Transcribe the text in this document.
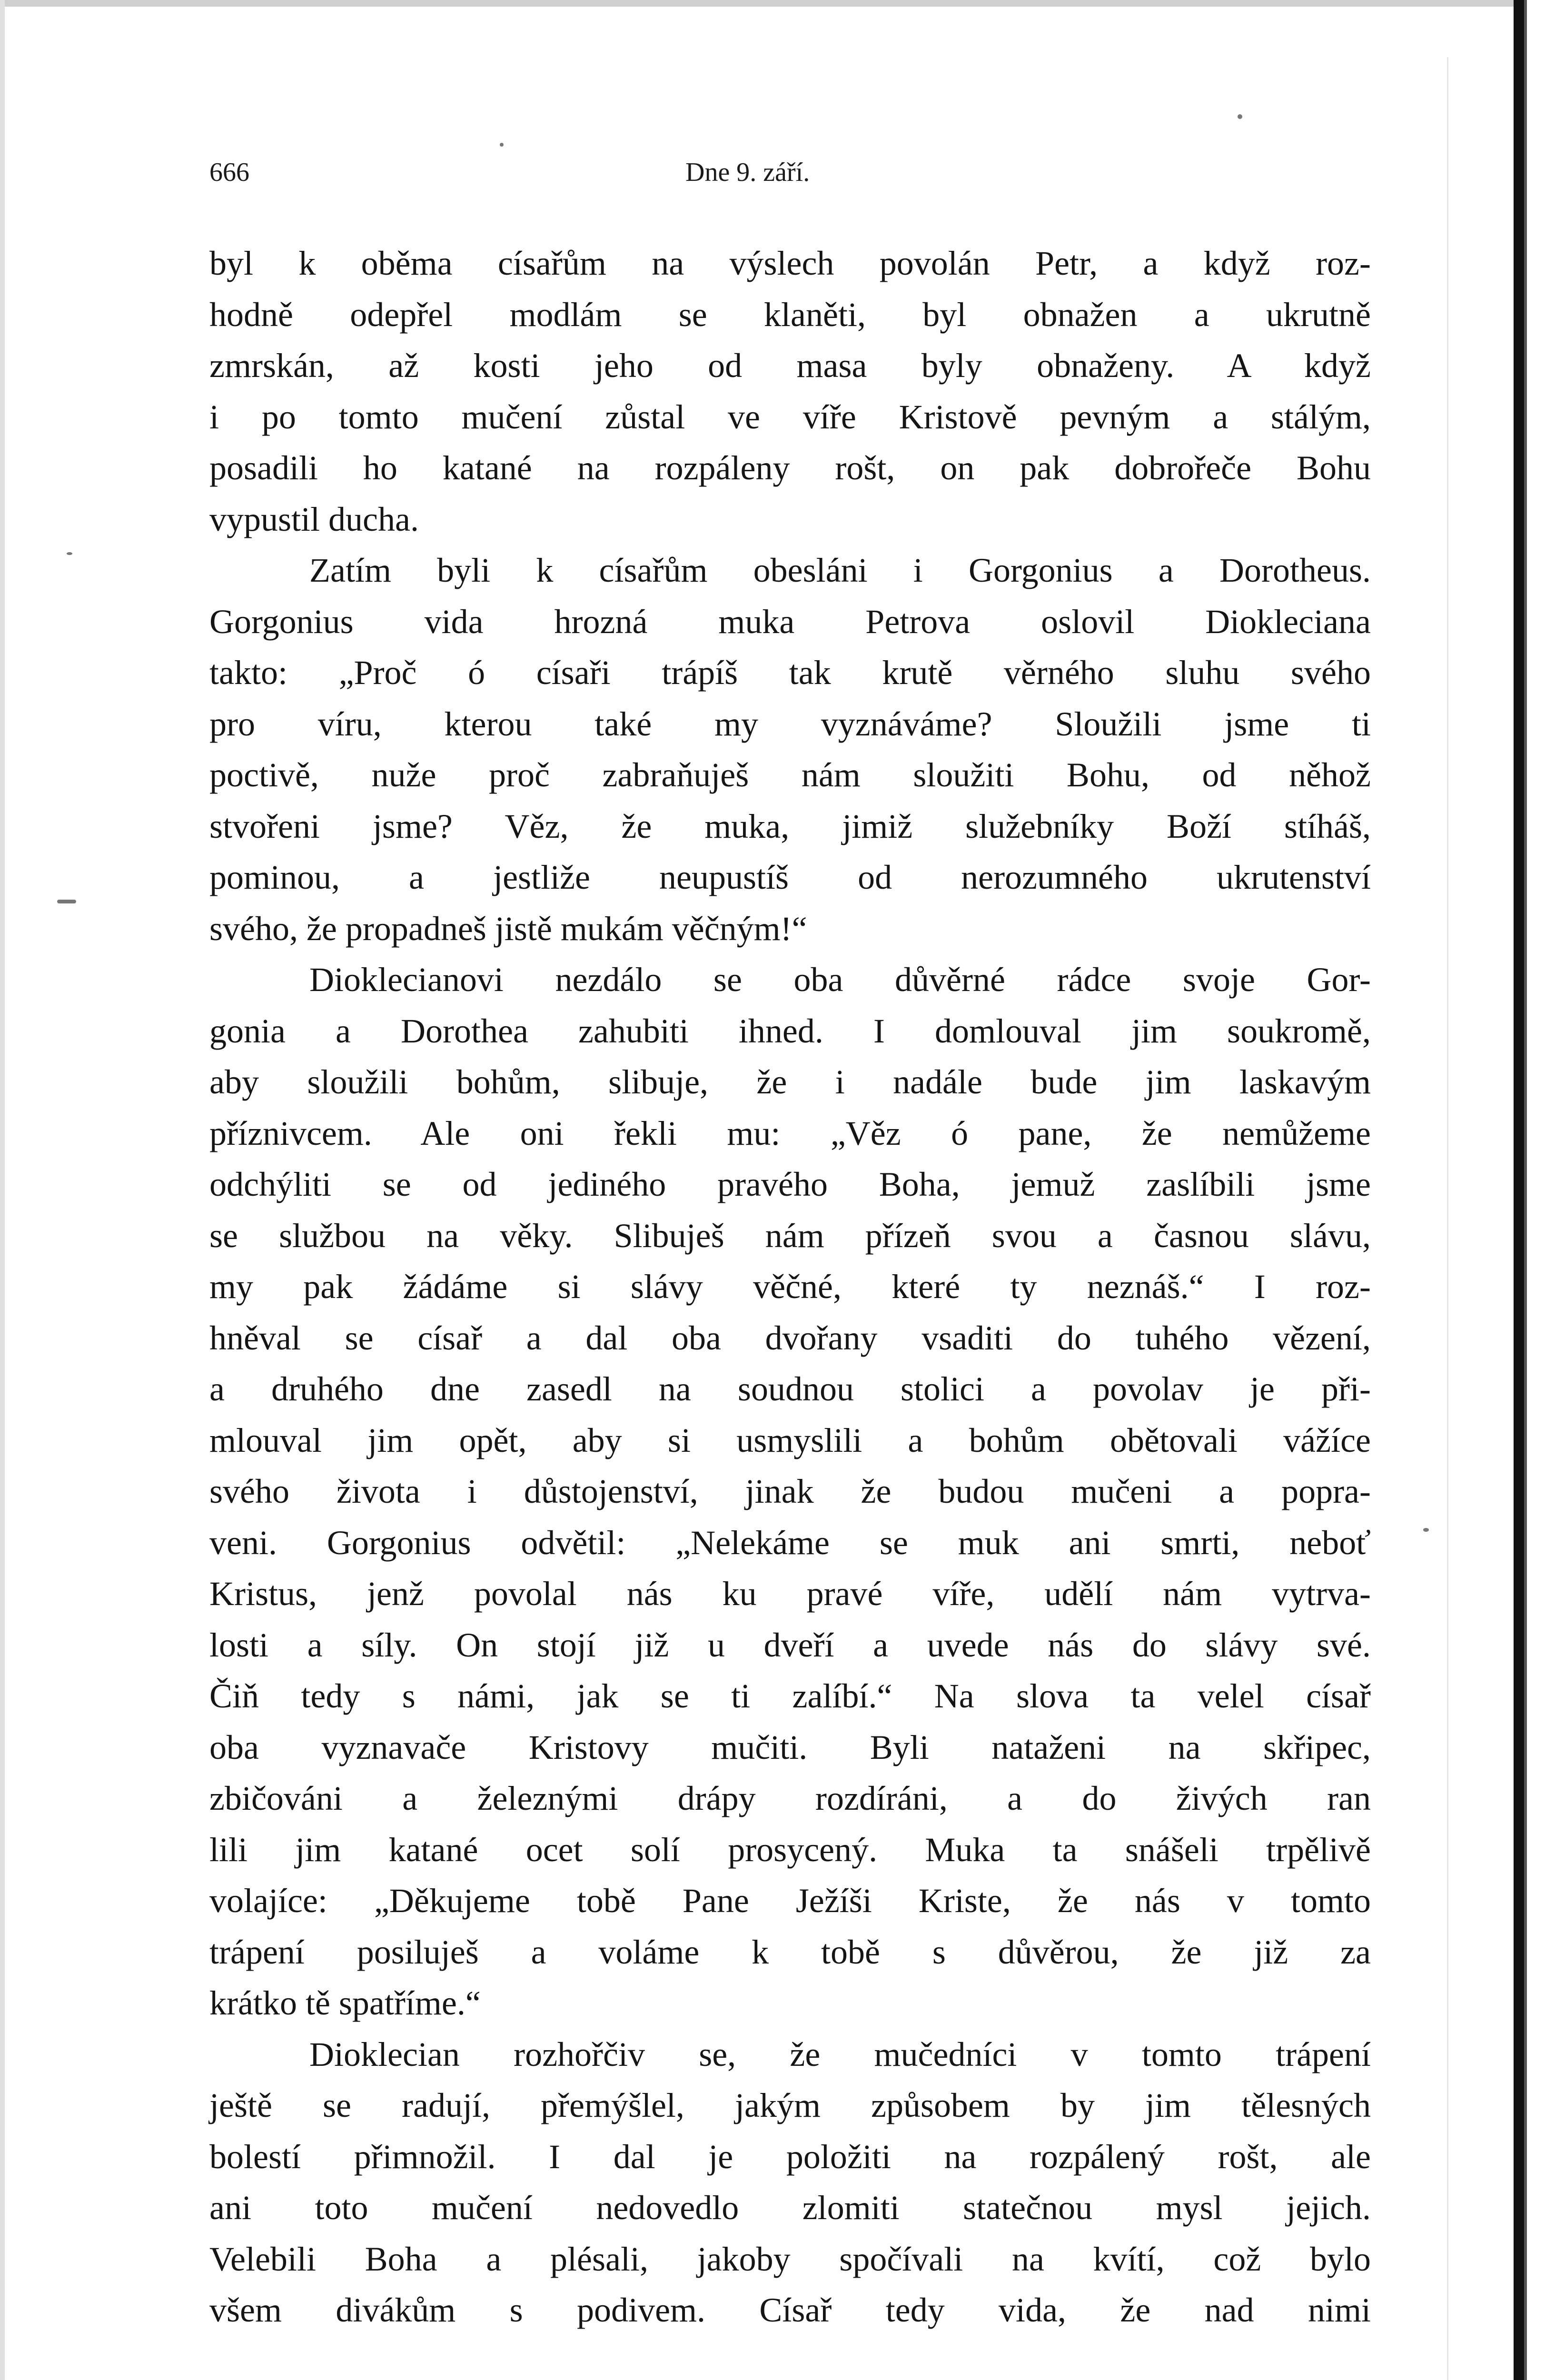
666	Dne 9. září.
byl k oběma císařům na výslech povolán Petr, a když roz-
hodně odepřel modlám se klaněti, byl obnažen a ukrutně
zmrskán, až kosti jeho od masa byly obnaženy. A když
i po tomto mučení zůstal ve víře Kristově pevným a stálým,
posadili ho katané na rozpáleny rošt, on pak dobrořeče Bohu
vypustil ducha.
Zatím byli k císařům obesláni i Gorgonius a Dorotheus.
Gorgonius vida hrozná muka Petrova oslovil Diokleciana
takto: „Proč ó císaři trápíš tak krutě věrného sluhu svého
pro víru, kterou také my vyznáváme? Sloužili jsme ti
poctivě, nuže proč zabraňuješ nám sloužiti Bohu, od něhož
stvořeni jsme? Věz, že muka, jimiž služebníky Boží stíháš,
pominou, a jestliže neupustíš od nerozumného ukrutenství
svého, že propadneš jistě mukám věčným!“
Dioklecianovi nezdálo se oba důvěrné rádce svoje Gor-
gonia a Dorothea zahubiti ihned. I domlouval jim soukromě,
aby sloužili bohům, slibuje, že i nadále bude jim laskavým
příznivcem. Ale oni řekli mu: „Věz ó pane, že nemůžeme
odchýliti se od jediného pravého Boha, jemuž zaslíbili jsme
se službou na věky. Slibuješ nám přízeň svou a časnou slávu,
my pak žádáme si slávy věčné, které ty neznáš.“ I roz-
hněval se císař a dal oba dvořany vsaditi do tuhého vězení,
a druhého dne zasedl na soudnou stolici a povolav je při-
mlouval jim opět, aby si usmyslili a bohům obětovali vážíce
svého života i důstojenství, jinak že budou mučeni a popra-
veni. Gorgonius odvětil: „Nelekáme se muk ani smrti, neboť
Kristus, jenž povolal nás ku pravé víře, udělí nám vytrva-
losti a síly. On stojí již u dveří a uvede nás do slávy své.
Čiň tedy s námi, jak se ti zalíbí.“ Na slova ta velel císař
oba vyznavače Kristovy mučiti. Byli nataženi na skřipec,
zbičováni a železnými drápy rozdíráni, a do živých ran
lili jim katané ocet solí prosycený. Muka ta snášeli trpělivě
volajíce: „Děkujeme tobě Pane Ježíši Kriste, že nás v tomto
trápení posiluješ a voláme k tobě s důvěrou, že již za
krátko tě spatříme.“
Dioklecian rozhořčiv se, že mučedníci v tomto trápení
ještě se radují, přemýšlel, jakým způsobem by jim tělesných
bolestí přimnožil. I dal je položiti na rozpálený rošt, ale
ani toto mučení nedovedlo zlomiti statečnou mysl jejich.
Velebili Boha a plésali, jakoby spočívali na kvítí, což bylo
všem divákům s podivem. Císař tedy vida, že nad nimi
